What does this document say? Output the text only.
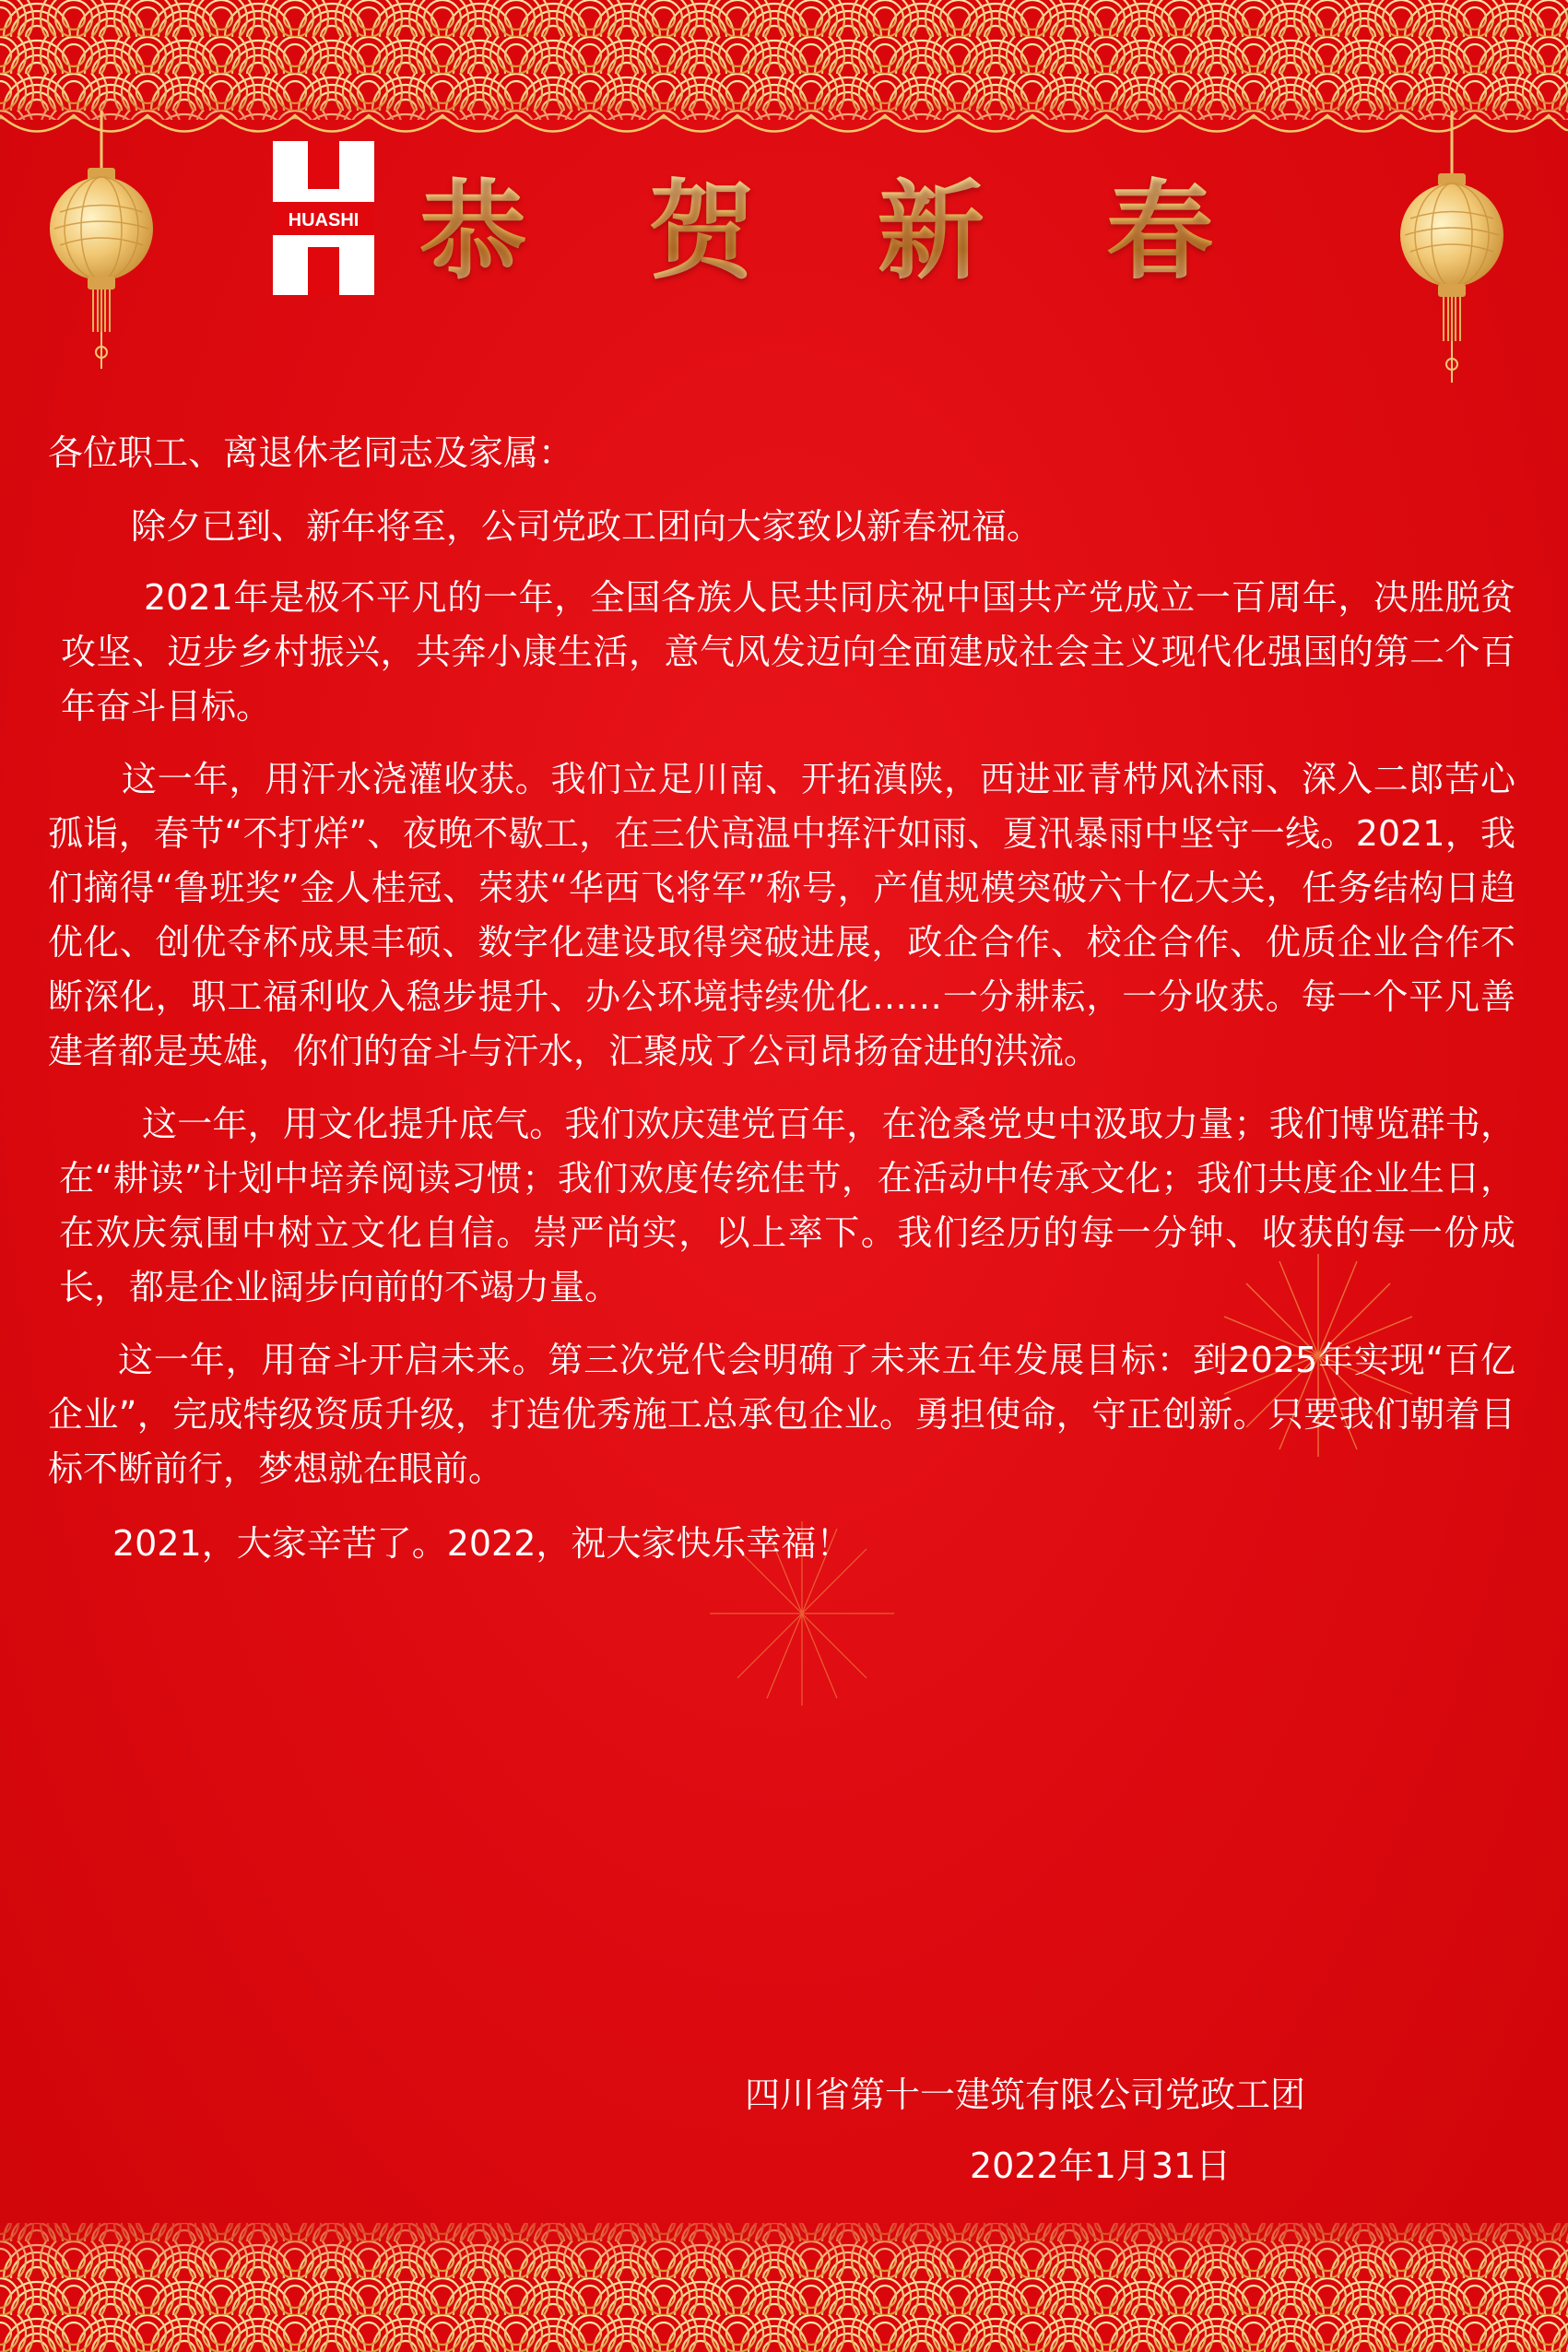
HUASHI 恭 贺 新 春
各位职工、离退休老同志及家属：

除夕已到、新年将至，公司党政工团向大家致以新春祝福。

2021年是极不平凡的一年，全国各族人民共同庆祝中国共产党成立一百周年，决胜脱贫攻坚、迈步乡村振兴，共奔小康生活，意气风发迈向全面建成社会主义现代化强国的第二个百年奋斗目标。

这一年，用汗水浇灌收获。我们立足川南、开拓滇陕，西进亚青栉风沐雨、深入二郎苦心孤诣，春节“不打烊”、夜晚不歇工，在三伏高温中挥汗如雨、夏汛暴雨中坚守一线。2021，我们摘得“鲁班奖”金人桂冠、荣获“华西飞将军”称号，产值规模突破六十亿大关，任务结构日趋优化、创优夺杯成果丰硕、数字化建设取得突破进展，政企合作、校企合作、优质企业合作不断深化，职工福利收入稳步提升、办公环境持续优化……一分耕耘，一分收获。每一个平凡善建者都是英雄，你们的奋斗与汗水，汇聚成了公司昂扬奋进的洪流。

这一年，用文化提升底气。我们欢庆建党百年，在沧桑党史中汲取力量；我们博览群书，在“耕读”计划中培养阅读习惯；我们欢度传统佳节，在活动中传承文化；我们共度企业生日，在欢庆氛围中树立文化自信。崇严尚实，以上率下。我们经历的每一分钟、收获的每一份成长，都是企业阔步向前的不竭力量。

这一年，用奋斗开启未来。第三次党代会明确了未来五年发展目标：到2025年实现“百亿企业”，完成特级资质升级，打造优秀施工总承包企业。勇担使命，守正创新。只要我们朝着目标不断前行，梦想就在眼前。

2021，大家辛苦了。2022，祝大家快乐幸福！

四川省第十一建筑有限公司党政工团
2022年1月31日
